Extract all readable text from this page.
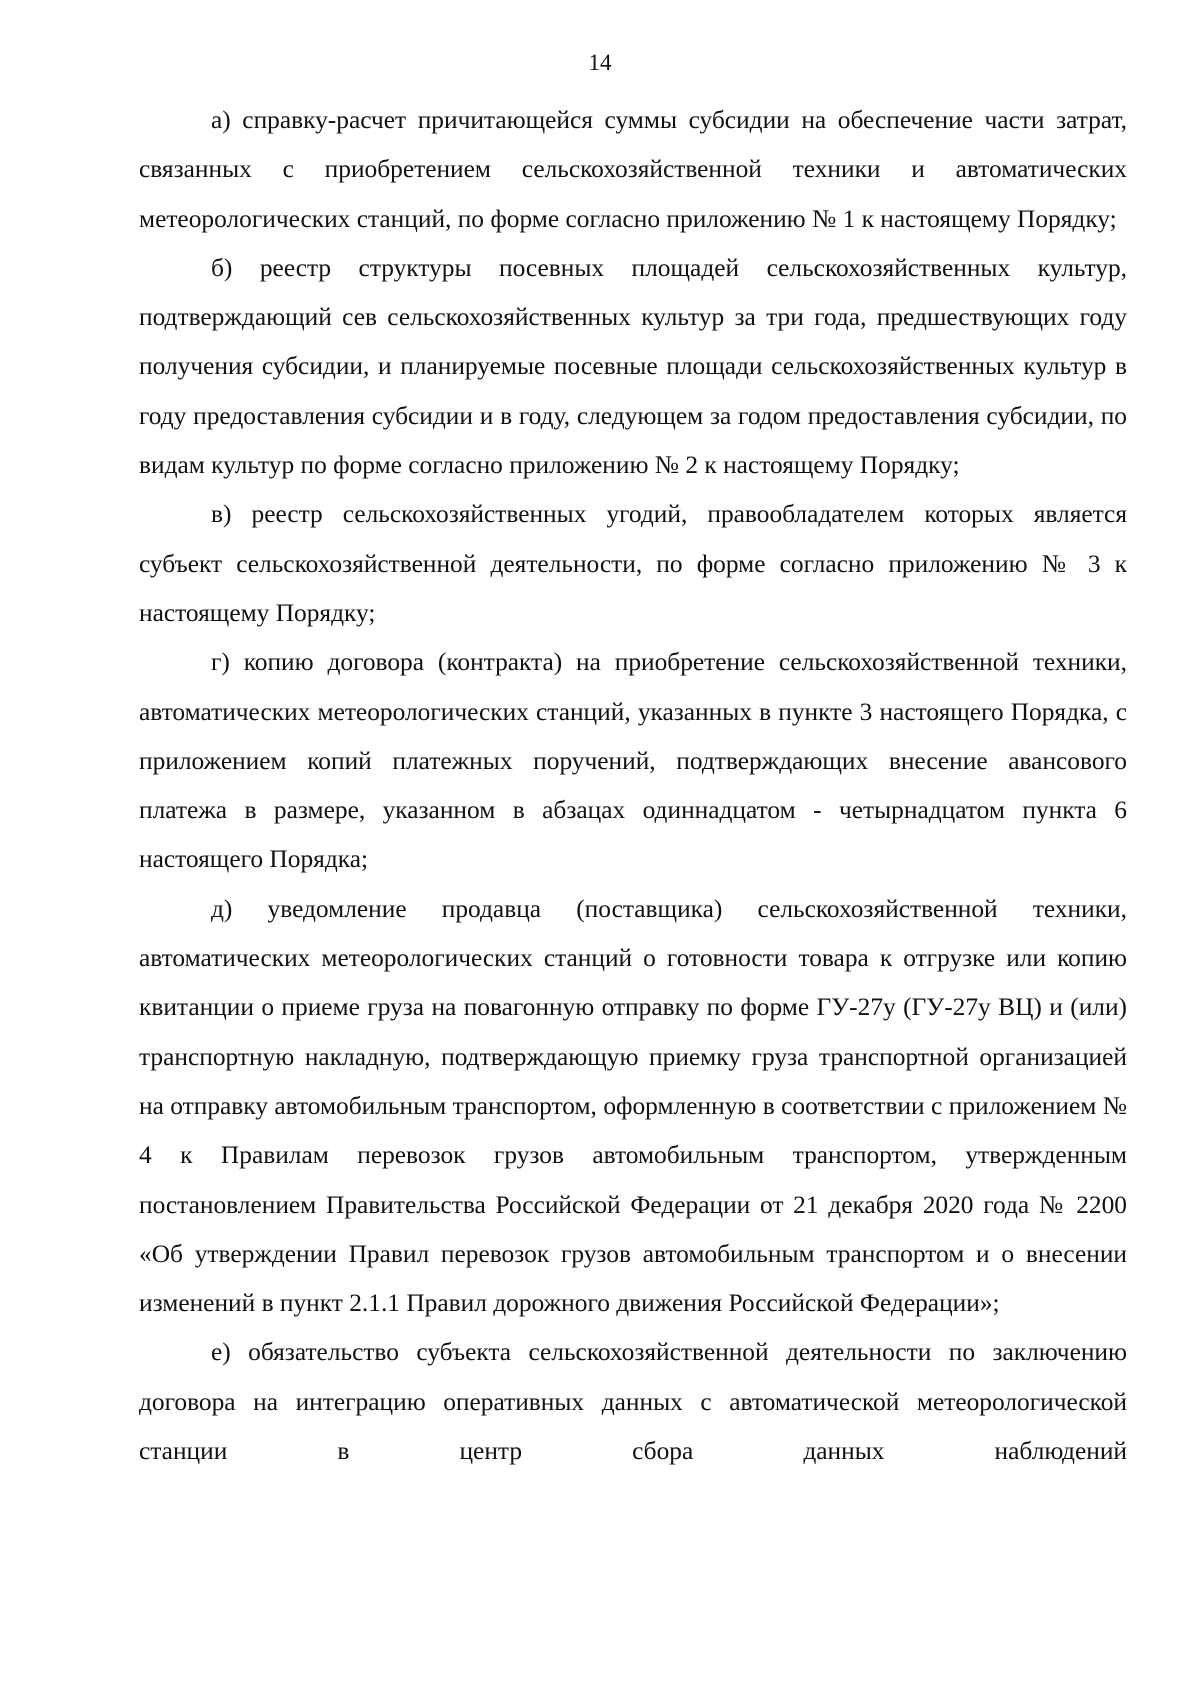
14

а) справку-расчет причитающейся суммы субсидии на обеспечение части затрат, связанных с приобретением сельскохозяйственной техники и автоматических метеорологических станций, по форме согласно приложению № 1 к настоящему Порядку;

б) реестр структуры посевных площадей сельскохозяйственных культур, подтверждающий сев сельскохозяйственных культур за три года, предшествующих году получения субсидии, и планируемые посевные площади сельскохозяйственных культур в году предоставления субсидии и в году, следующем за годом предоставления субсидии, по видам культур по форме согласно приложению № 2 к настоящему Порядку;

в) реестр сельскохозяйственных угодий, правообладателем которых является субъект сельскохозяйственной деятельности, по форме согласно приложению № 3 к настоящему Порядку;

г) копию договора (контракта) на приобретение сельскохозяйственной техники, автоматических метеорологических станций, указанных в пункте 3 настоящего Порядка, с приложением копий платежных поручений, подтверждающих внесение авансового платежа в размере, указанном в абзацах одиннадцатом - четырнадцатом пункта 6 настоящего Порядка;

д) уведомление продавца (поставщика) сельскохозяйственной техники, автоматических метеорологических станций о готовности товара к отгрузке или копию квитанции о приеме груза на повагонную отправку по форме ГУ-27у (ГУ-27у ВЦ) и (или) транспортную накладную, подтверждающую приемку груза транспортной организацией на отправку автомобильным транспортом, оформленную в соответствии с приложением № 4 к Правилам перевозок грузов автомобильным транспортом, утвержденным постановлением Правительства Российской Федерации от 21 декабря 2020 года № 2200 «Об утверждении Правил перевозок грузов автомобильным транспортом и о внесении изменений в пункт 2.1.1 Правил дорожного движения Российской Федерации»;

е) обязательство субъекта сельскохозяйственной деятельности по заключению договора на интеграцию оперативных данных с автоматической метеорологической станции в центр сбора данных наблюдений
